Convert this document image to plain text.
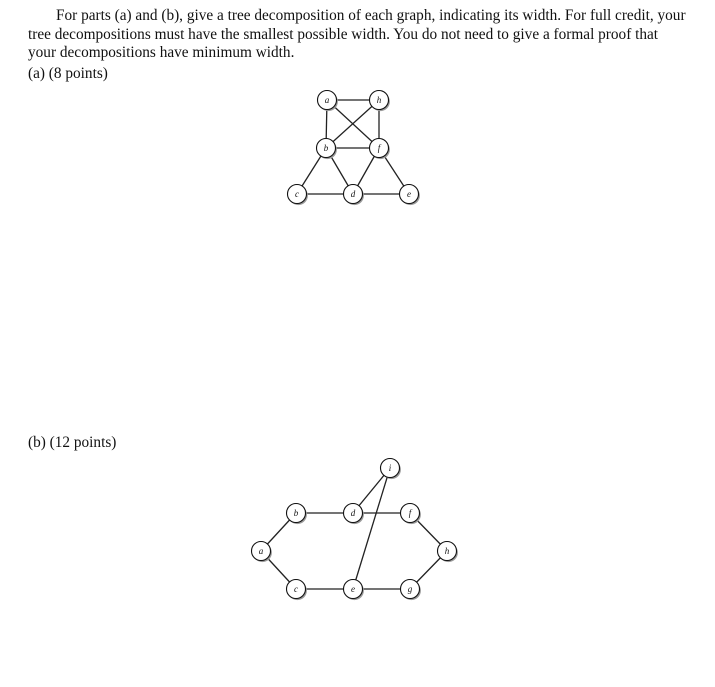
For parts (a) and (b), give a tree decomposition of each graph, indicating its width. For full credit, your tree decompositions must have the smallest possible width. You do not need to give a formal proof that your decompositions have minimum width.

(a) (8 points)
a	h
b	f
c	d	e
(b) (12 points)
i
b	d	f
a	h
c	e	g
